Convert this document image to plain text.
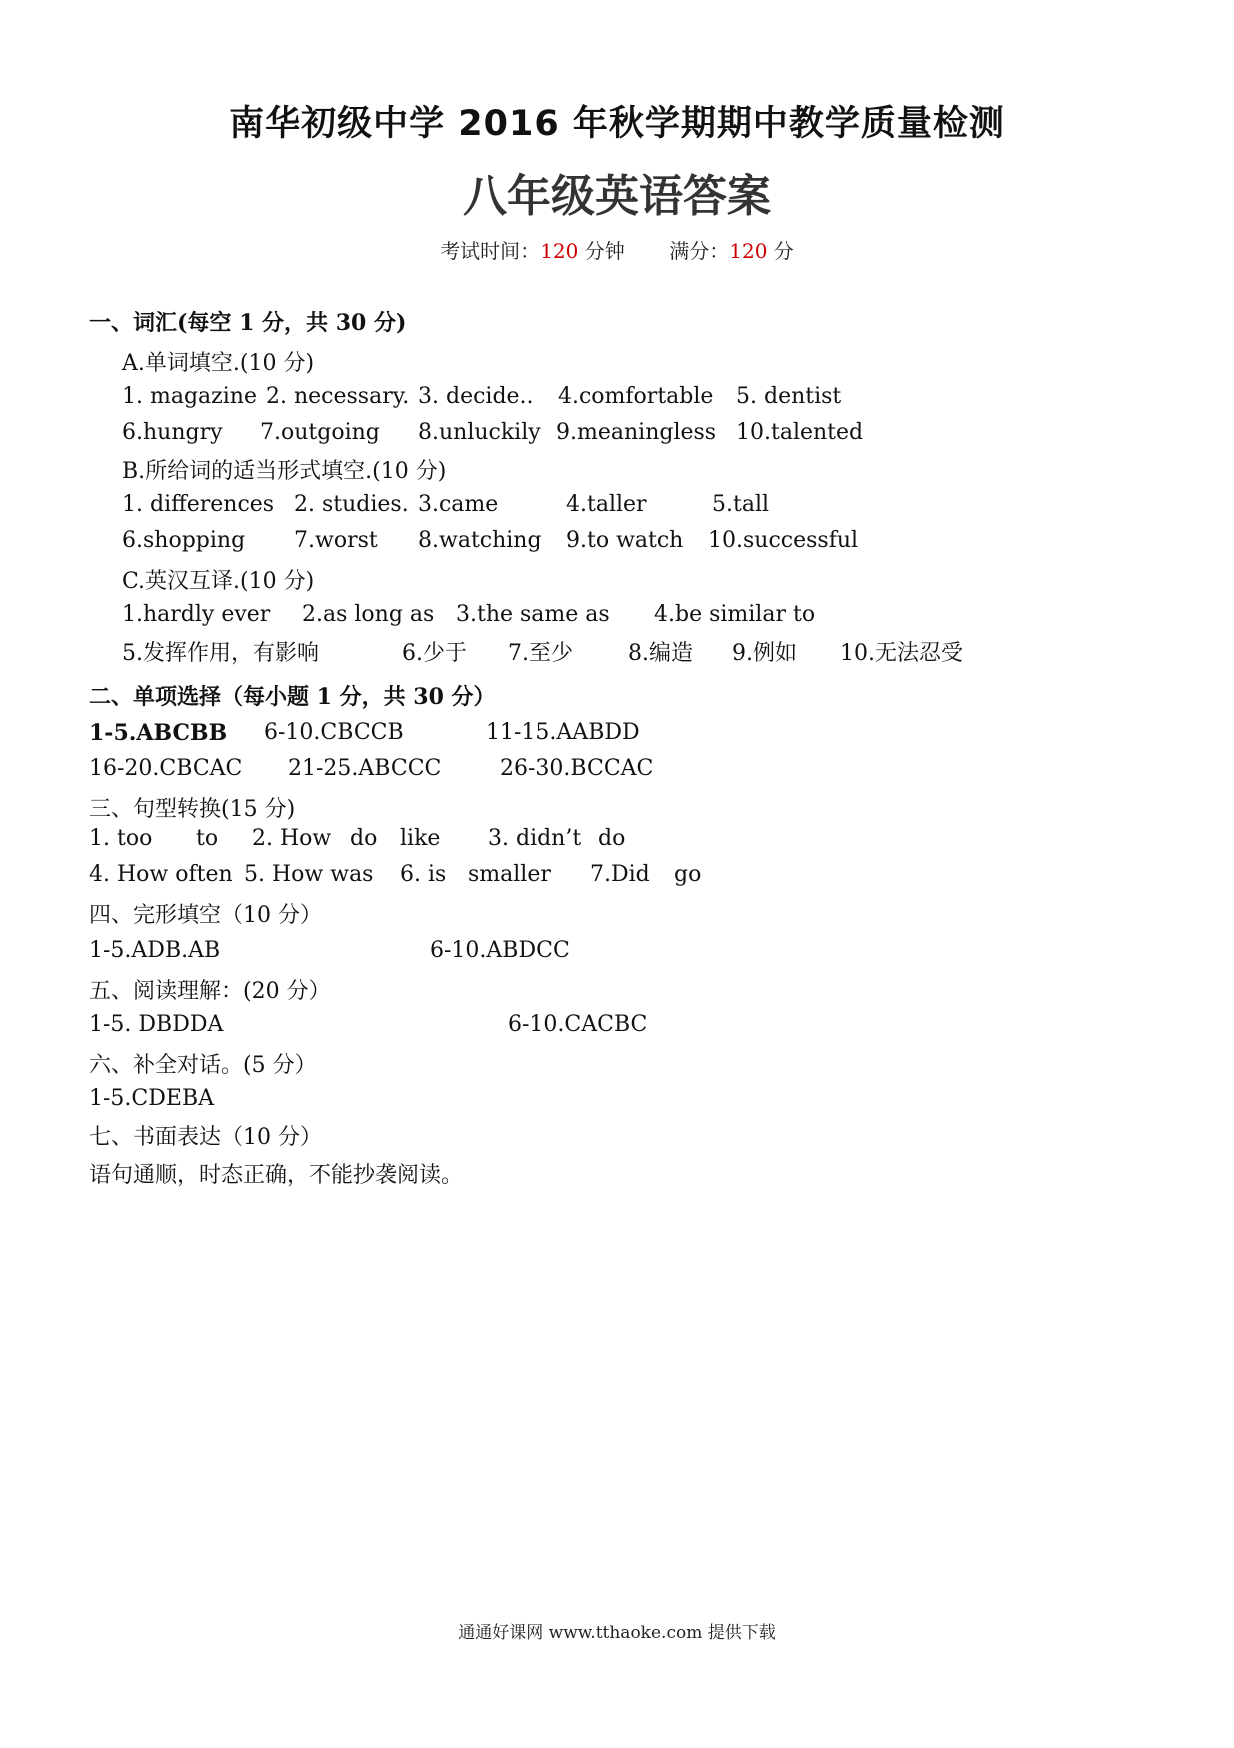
南华初级中学 2016 年秋学期期中教学质量检测
八年级英语答案
考试时间：120 分钟 满分：120 分
一、词汇(每空 1 分，共 30 分)
A.单词填空.(10 分)
1. magazine 2. necessary. 3. decide.. 4.comfortable 5. dentist
6.hungry 7.outgoing 8.unluckily 9.meaningless 10.talented
B.所给词的适当形式填空.(10 分)
1. differences 2. studies. 3.came	4.taller	5.tall
6.shopping 7.worst 8.watching 9.to watch 10.successful
C.英汉互译.(10 分)
1.hardly ever 2.as long as 3.the same as 4.be similar to
5.发挥作用，有影响	6.少于 7.至少	8.编造 9.例如 10.无法忍受
二、单项选择（每小题 1 分，共 30 分）
1-5.ABCBB 6-10.CBCCB	11-15.AABDD
16-20.CBCAC 21-25.ABCCC	26-30.BCCAC
三、句型转换(15 分)
1. too to 2. How do like 3. didn’t do
4. How often 5. How was 6. is smaller 7.Did go
四、完形填空（10 分）
1-5.ADB.AB	6-10.ABDCC
五、阅读理解：(20 分）
1-5. DBDDA	6-10.CACBC
六、补全对话。(5 分）
1-5.CDEBA
七、书面表达（10 分）
语句通顺，时态正确，不能抄袭阅读。
通通好课网 www.tthaoke.com 提供下载
